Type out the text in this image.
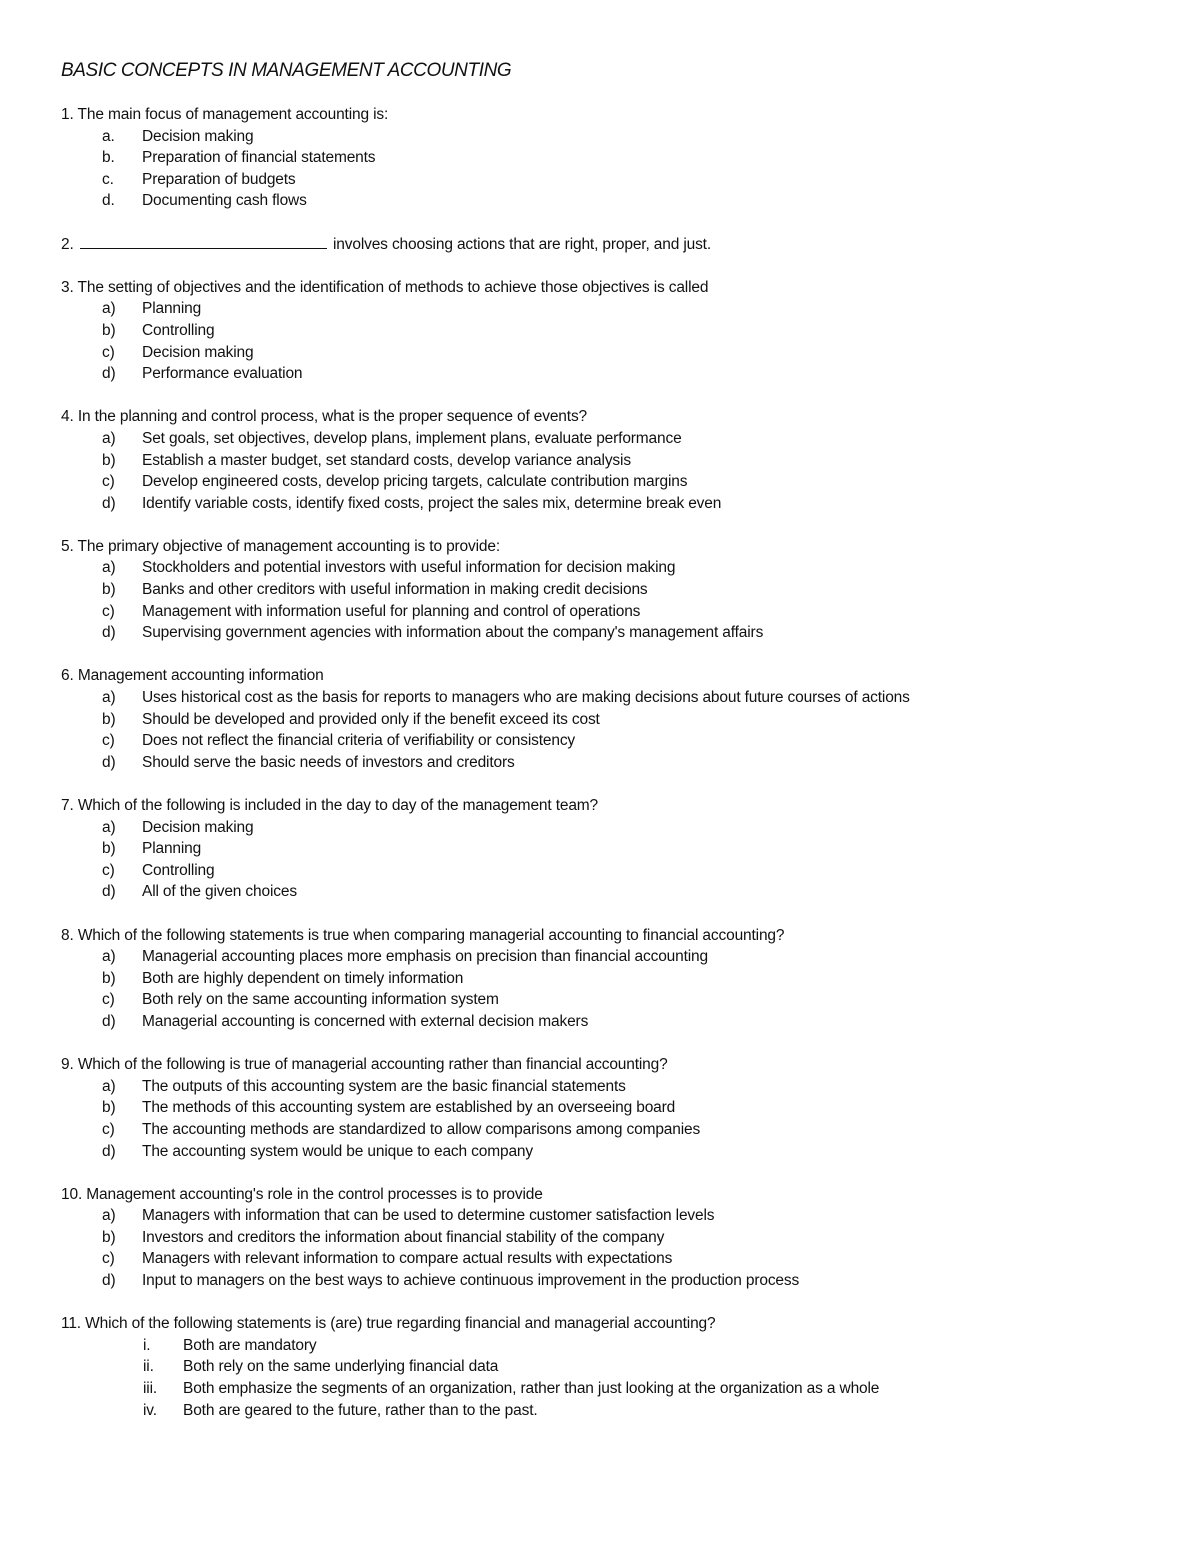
BASIC CONCEPTS IN MANAGEMENT ACCOUNTING
1. The main focus of management accounting is:
a. Decision making
b. Preparation of financial statements
c. Preparation of budgets
d. Documenting cash flows
2.	involves choosing actions that are right, proper, and just.
3. The setting of objectives and the identification of methods to achieve those objectives is called
a) Planning
b) Controlling
c) Decision making
d) Performance evaluation
4. In the planning and control process, what is the proper sequence of events?
a) Set goals, set objectives, develop plans, implement plans, evaluate performance
b) Establish a master budget, set standard costs, develop variance analysis
c) Develop engineered costs, develop pricing targets, calculate contribution margins
d) Identify variable costs, identify fixed costs, project the sales mix, determine break even
5. The primary objective of management accounting is to provide:
a) Stockholders and potential investors with useful information for decision making
b) Banks and other creditors with useful information in making credit decisions
c) Management with information useful for planning and control of operations
d) Supervising government agencies with information about the company's management affairs
6. Management accounting information
a) Uses historical cost as the basis for reports to managers who are making decisions about future courses of actions
b) Should be developed and provided only if the benefit exceed its cost
c) Does not reflect the financial criteria of verifiability or consistency
d) Should serve the basic needs of investors and creditors
7. Which of the following is included in the day to day of the management team?
a) Decision making
b) Planning
c) Controlling
d) All of the given choices
8. Which of the following statements is true when comparing managerial accounting to financial accounting?
a) Managerial accounting places more emphasis on precision than financial accounting
b) Both are highly dependent on timely information
c) Both rely on the same accounting information system
d) Managerial accounting is concerned with external decision makers
9. Which of the following is true of managerial accounting rather than financial accounting?
a) The outputs of this accounting system are the basic financial statements
b) The methods of this accounting system are established by an overseeing board
c) The accounting methods are standardized to allow comparisons among companies
d) The accounting system would be unique to each company
10. Management accounting's role in the control processes is to provide
a) Managers with information that can be used to determine customer satisfaction levels
b) Investors and creditors the information about financial stability of the company
c) Managers with relevant information to compare actual results with expectations
d) Input to managers on the best ways to achieve continuous improvement in the production process
11. Which of the following statements is (are) true regarding financial and managerial accounting?
i. Both are mandatory
ii. Both rely on the same underlying financial data
iii. Both emphasize the segments of an organization, rather than just looking at the organization as a whole
iv. Both are geared to the future, rather than to the past.
